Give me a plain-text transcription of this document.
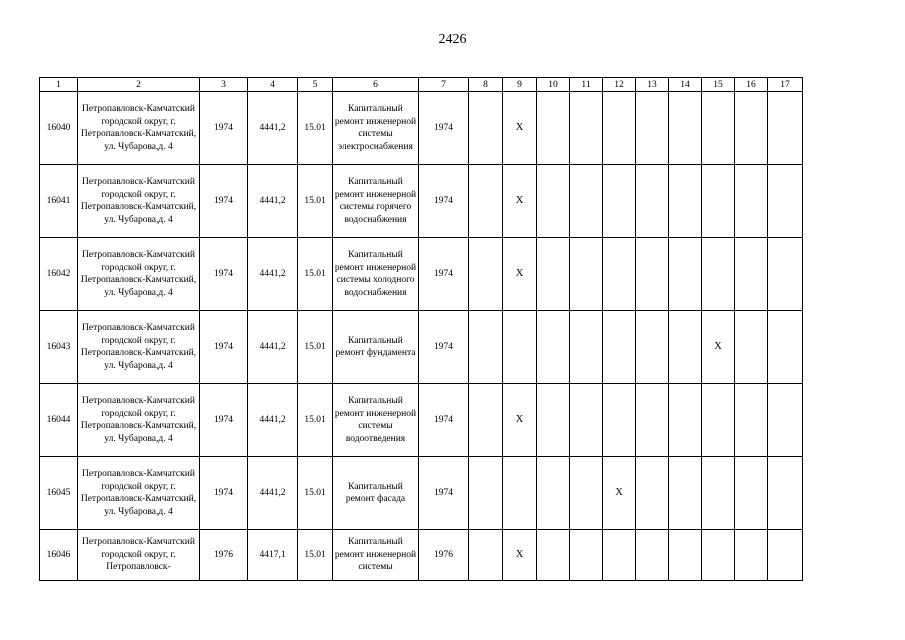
2426
1	2	3	4	5	6	7	8	9	10	11	12	13	14	15	16	17
16040	Петропавловск-Камчатский городской округ, г. Петропавловск-Камчатский, ул. Чубарова,д. 4	1974	4441,2	15.01	Капитальный ремонт инженерной системы электроснабжения	1974		X								
16041	Петропавловск-Камчатский городской округ, г. Петропавловск-Камчатский, ул. Чубарова,д. 4	1974	4441,2	15.01	Капитальный ремонт инженерной системы горячего водоснабжения	1974		X								
16042	Петропавловск-Камчатский городской округ, г. Петропавловск-Камчатский, ул. Чубарова,д. 4	1974	4441,2	15.01	Капитальный ремонт инженерной системы холодного водоснабжения	1974		X								
16043	Петропавловск-Камчатский городской округ, г. Петропавловск-Камчатский, ул. Чубарова,д. 4	1974	4441,2	15.01	Капитальный ремонт фундамента	1974								X		
16044	Петропавловск-Камчатский городской округ, г. Петропавловск-Камчатский, ул. Чубарова,д. 4	1974	4441,2	15.01	Капитальный ремонт инженерной системы водоотведения	1974		X								
16045	Петропавловск-Камчатский городской округ, г. Петропавловск-Камчатский, ул. Чубарова,д. 4	1974	4441,2	15.01	Капитальный ремонт фасада	1974					X					
16046	Петропавловск-Камчатский городской округ, г. Петропавловск-	1976	4417,1	15.01	Капитальный ремонт инженерной системы	1976		X								
